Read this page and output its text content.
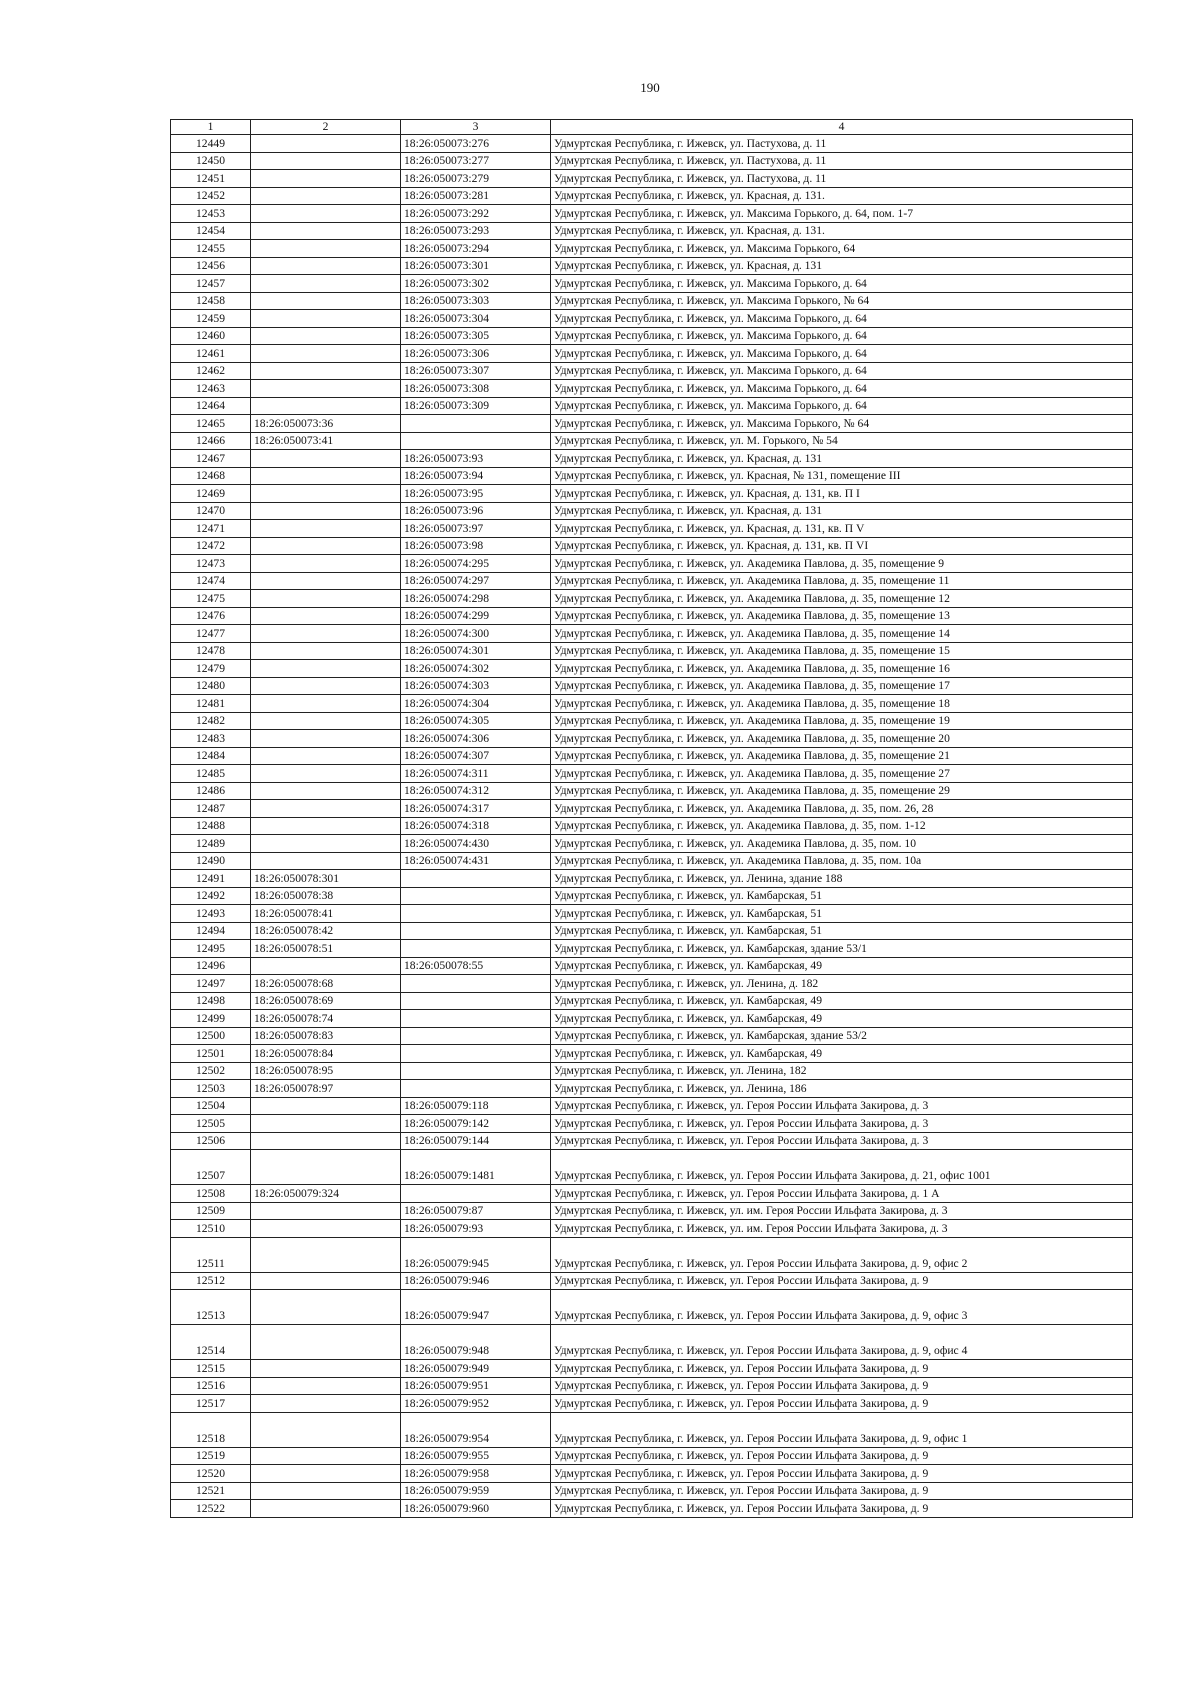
190
1	2	3	4
12449		18:26:050073:276	Удмуртская Республика, г. Ижевск, ул. Пастухова, д. 11
12450		18:26:050073:277	Удмуртская Республика, г. Ижевск, ул. Пастухова, д. 11
12451		18:26:050073:279	Удмуртская Республика, г. Ижевск, ул. Пастухова, д. 11
12452		18:26:050073:281	Удмуртская Республика, г. Ижевск, ул. Красная, д. 131.
12453		18:26:050073:292	Удмуртская Республика, г. Ижевск, ул. Максима Горького, д. 64, пом. 1-7
12454		18:26:050073:293	Удмуртская Республика, г. Ижевск, ул. Красная, д. 131.
12455		18:26:050073:294	Удмуртская Республика, г. Ижевск, ул. Максима Горького, 64
12456		18:26:050073:301	Удмуртская Республика, г. Ижевск, ул. Красная, д. 131
12457		18:26:050073:302	Удмуртская Республика, г. Ижевск, ул. Максима Горького, д. 64
12458		18:26:050073:303	Удмуртская Республика, г. Ижевск, ул. Максима Горького, № 64
12459		18:26:050073:304	Удмуртская Республика, г. Ижевск, ул. Максима Горького, д. 64
12460		18:26:050073:305	Удмуртская Республика, г. Ижевск, ул. Максима Горького, д. 64
12461		18:26:050073:306	Удмуртская Республика, г. Ижевск, ул. Максима Горького, д. 64
12462		18:26:050073:307	Удмуртская Республика, г. Ижевск, ул. Максима Горького, д. 64
12463		18:26:050073:308	Удмуртская Республика, г. Ижевск, ул. Максима Горького, д. 64
12464		18:26:050073:309	Удмуртская Республика, г. Ижевск, ул. Максима Горького, д. 64
12465	18:26:050073:36		Удмуртская Республика, г. Ижевск, ул. Максима Горького, № 64
12466	18:26:050073:41		Удмуртская Республика, г. Ижевск, ул. М. Горького, № 54
12467		18:26:050073:93	Удмуртская Республика, г. Ижевск, ул. Красная, д. 131
12468		18:26:050073:94	Удмуртская Республика, г. Ижевск, ул. Красная, № 131, помещение III
12469		18:26:050073:95	Удмуртская Республика, г. Ижевск, ул. Красная, д. 131, кв. П I
12470		18:26:050073:96	Удмуртская Республика, г. Ижевск, ул. Красная, д. 131
12471		18:26:050073:97	Удмуртская Республика, г. Ижевск, ул. Красная, д. 131, кв. П V
12472		18:26:050073:98	Удмуртская Республика, г. Ижевск, ул. Красная, д. 131, кв. П VI
12473		18:26:050074:295	Удмуртская Республика, г. Ижевск, ул. Академика Павлова, д. 35, помещение 9
12474		18:26:050074:297	Удмуртская Республика, г. Ижевск, ул. Академика Павлова, д. 35, помещение 11
12475		18:26:050074:298	Удмуртская Республика, г. Ижевск, ул. Академика Павлова, д. 35, помещение 12
12476		18:26:050074:299	Удмуртская Республика, г. Ижевск, ул. Академика Павлова, д. 35, помещение 13
12477		18:26:050074:300	Удмуртская Республика, г. Ижевск, ул. Академика Павлова, д. 35, помещение 14
12478		18:26:050074:301	Удмуртская Республика, г. Ижевск, ул. Академика Павлова, д. 35, помещение 15
12479		18:26:050074:302	Удмуртская Республика, г. Ижевск, ул. Академика Павлова, д. 35, помещение 16
12480		18:26:050074:303	Удмуртская Республика, г. Ижевск, ул. Академика Павлова, д. 35, помещение 17
12481		18:26:050074:304	Удмуртская Республика, г. Ижевск, ул. Академика Павлова, д. 35, помещение 18
12482		18:26:050074:305	Удмуртская Республика, г. Ижевск, ул. Академика Павлова, д. 35, помещение 19
12483		18:26:050074:306	Удмуртская Республика, г. Ижевск, ул. Академика Павлова, д. 35, помещение 20
12484		18:26:050074:307	Удмуртская Республика, г. Ижевск, ул. Академика Павлова, д. 35, помещение 21
12485		18:26:050074:311	Удмуртская Республика, г. Ижевск, ул. Академика Павлова, д. 35, помещение 27
12486		18:26:050074:312	Удмуртская Республика, г. Ижевск, ул. Академика Павлова, д. 35, помещение 29
12487		18:26:050074:317	Удмуртская Республика, г. Ижевск, ул. Академика Павлова, д. 35, пом. 26, 28
12488		18:26:050074:318	Удмуртская Республика, г. Ижевск, ул. Академика Павлова, д. 35, пом. 1-12
12489		18:26:050074:430	Удмуртская Республика, г. Ижевск, ул. Академика Павлова, д. 35, пом. 10
12490		18:26:050074:431	Удмуртская Республика, г. Ижевск, ул. Академика Павлова, д. 35, пом. 10а
12491	18:26:050078:301		Удмуртская Республика, г. Ижевск, ул. Ленина, здание 188
12492	18:26:050078:38		Удмуртская Республика, г. Ижевск, ул. Камбарская, 51
12493	18:26:050078:41		Удмуртская Республика, г. Ижевск, ул. Камбарская, 51
12494	18:26:050078:42		Удмуртская Республика, г. Ижевск, ул. Камбарская, 51
12495	18:26:050078:51		Удмуртская Республика, г. Ижевск, ул. Камбарская, здание 53/1
12496		18:26:050078:55	Удмуртская Республика, г. Ижевск, ул. Камбарская, 49
12497	18:26:050078:68		Удмуртская Республика, г. Ижевск, ул. Ленина, д. 182
12498	18:26:050078:69		Удмуртская Республика, г. Ижевск, ул. Камбарская, 49
12499	18:26:050078:74		Удмуртская Республика, г. Ижевск, ул. Камбарская, 49
12500	18:26:050078:83		Удмуртская Республика, г. Ижевск, ул. Камбарская, здание 53/2
12501	18:26:050078:84		Удмуртская Республика, г. Ижевск, ул. Камбарская, 49
12502	18:26:050078:95		Удмуртская Республика, г. Ижевск, ул. Ленина, 182
12503	18:26:050078:97		Удмуртская Республика, г. Ижевск, ул. Ленина, 186
12504		18:26:050079:118	Удмуртская Республика, г. Ижевск, ул. Героя России Ильфата Закирова, д. 3
12505		18:26:050079:142	Удмуртская Республика, г. Ижевск, ул. Героя России Ильфата Закирова, д. 3
12506		18:26:050079:144	Удмуртская Республика, г. Ижевск, ул. Героя России Ильфата Закирова, д. 3
12507		18:26:050079:1481	Удмуртская Республика, г. Ижевск, ул. Героя России Ильфата Закирова, д. 21, офис 1001
12508	18:26:050079:324		Удмуртская Республика, г. Ижевск, ул. Героя России Ильфата Закирова, д. 1 А
12509		18:26:050079:87	Удмуртская Республика, г. Ижевск, ул. им. Героя России Ильфата Закирова, д. 3
12510		18:26:050079:93	Удмуртская Республика, г. Ижевск, ул. им. Героя России Ильфата Закирова, д. 3
12511		18:26:050079:945	Удмуртская Республика, г. Ижевск, ул. Героя России Ильфата Закирова, д. 9, офис 2
12512		18:26:050079:946	Удмуртская Республика, г. Ижевск, ул. Героя России Ильфата Закирова, д. 9
12513		18:26:050079:947	Удмуртская Республика, г. Ижевск, ул. Героя России Ильфата Закирова, д. 9, офис 3
12514		18:26:050079:948	Удмуртская Республика, г. Ижевск, ул. Героя России Ильфата Закирова, д. 9, офис 4
12515		18:26:050079:949	Удмуртская Республика, г. Ижевск, ул. Героя России Ильфата Закирова, д. 9
12516		18:26:050079:951	Удмуртская Республика, г. Ижевск, ул. Героя России Ильфата Закирова, д. 9
12517		18:26:050079:952	Удмуртская Республика, г. Ижевск, ул. Героя России Ильфата Закирова, д. 9
12518		18:26:050079:954	Удмуртская Республика, г. Ижевск, ул. Героя России Ильфата Закирова, д. 9, офис 1
12519		18:26:050079:955	Удмуртская Республика, г. Ижевск, ул. Героя России Ильфата Закирова, д. 9
12520		18:26:050079:958	Удмуртская Республика, г. Ижевск, ул. Героя России Ильфата Закирова, д. 9
12521		18:26:050079:959	Удмуртская Республика, г. Ижевск, ул. Героя России Ильфата Закирова, д. 9
12522		18:26:050079:960	Удмуртская Республика, г. Ижевск, ул. Героя России Ильфата Закирова, д. 9
